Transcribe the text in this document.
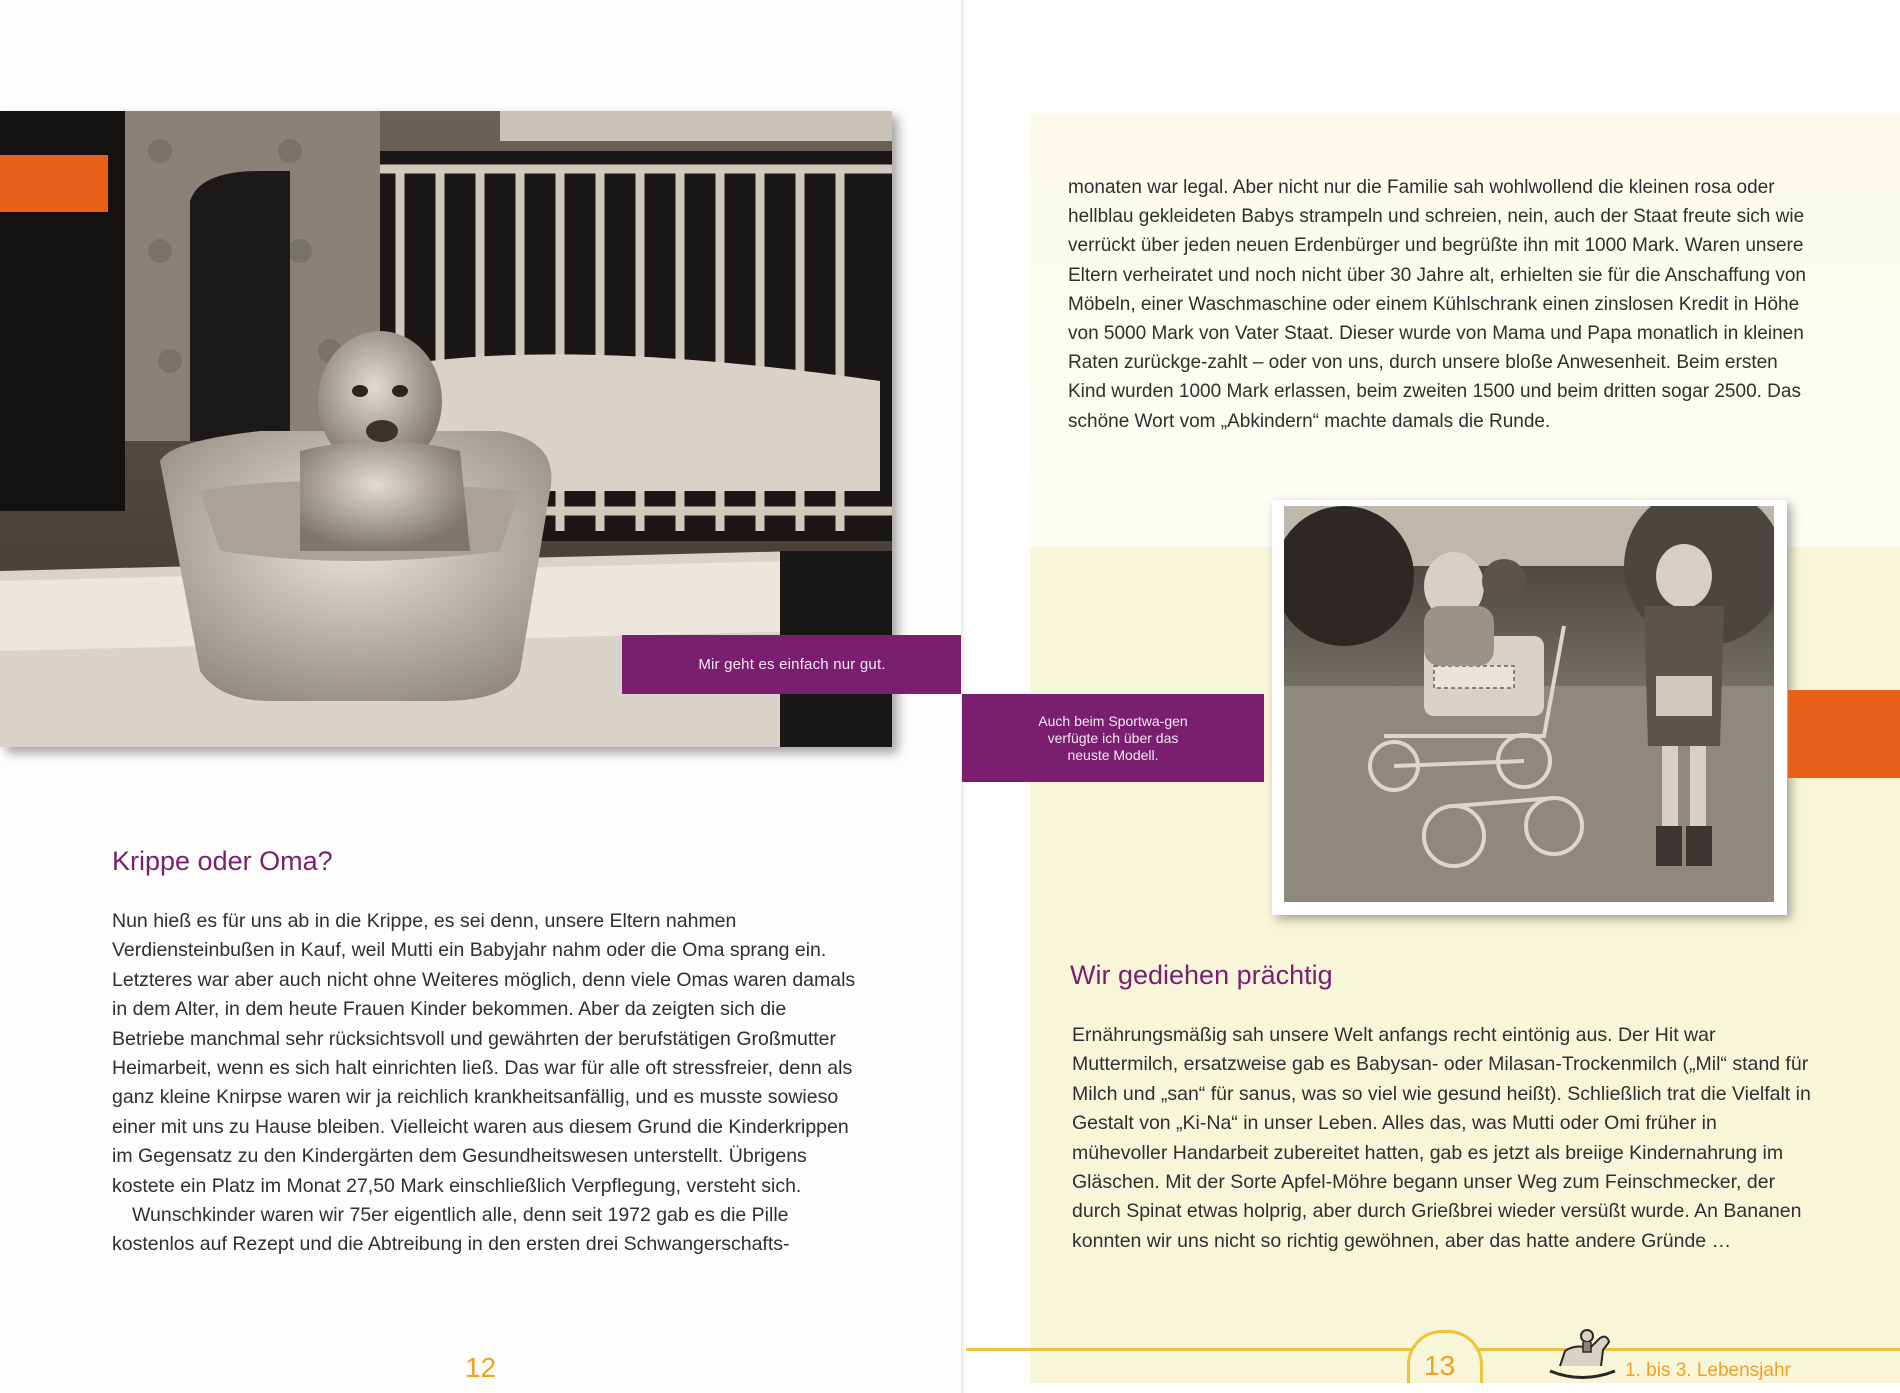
Mir geht es einfach nur gut.
Krippe oder Oma?

Nun hieß es für uns ab in die Krippe, es sei denn, unsere Eltern nahmen Verdiensteinbußen in Kauf, weil Mutti ein Babyjahr nahm oder die Oma sprang ein. Letzteres war aber auch nicht ohne Weiteres möglich, denn viele Omas waren damals in dem Alter, in dem heute Frauen Kinder bekommen. Aber da zeigten sich die Betriebe manchmal sehr rücksichtsvoll und gewährten der berufstätigen Großmutter Heimarbeit, wenn es sich halt einrichten ließ. Das war für alle oft stressfreier, denn als ganz kleine Knirpse waren wir ja reichlich krankheitsanfällig, und es musste sowieso einer mit uns zu Hause bleiben. Vielleicht waren aus diesem Grund die Kinderkrippen im Gegensatz zu den Kindergärten dem Gesundheitswesen unterstellt. Übrigens kostete ein Platz im Monat 27,50 Mark einschließlich Verpflegung, versteht sich.

Wunschkinder waren wir 75er eigentlich alle, denn seit 1972 gab es die Pille kostenlos auf Rezept und die Abtreibung in den ersten drei Schwangerschafts-

12

monaten war legal. Aber nicht nur die Familie sah wohlwollend die kleinen rosa oder hellblau gekleideten Babys strampeln und schreien, nein, auch der Staat freute sich wie verrückt über jeden neuen Erdenbürger und begrüßte ihn mit 1000 Mark. Waren unsere Eltern verheiratet und noch nicht über 30 Jahre alt, erhielten sie für die Anschaffung von Möbeln, einer Waschmaschine oder einem Kühlschrank einen zinslosen Kredit in Höhe von 5000 Mark von Vater Staat. Dieser wurde von Mama und Papa monatlich in kleinen Raten zurückge-zahlt – oder von uns, durch unsere bloße Anwesenheit. Beim ersten Kind wurden 1000 Mark erlassen, beim zweiten 1500 und beim dritten sogar 2500. Das schöne Wort vom „Abkindern“ machte damals die Runde.

Auch beim Sportwa-gen verfügte ich über das neuste Modell.
Wir gediehen prächtig

Ernährungsmäßig sah unsere Welt anfangs recht eintönig aus. Der Hit war Muttermilch, ersatzweise gab es Babysan- oder Milasan-Trockenmilch („Mil“ stand für Milch und „san“ für sanus, was so viel wie gesund heißt). Schließlich trat die Vielfalt in Gestalt von „Ki-Na“ in unser Leben. Alles das, was Mutti oder Omi früher in mühevoller Handarbeit zubereitet hatten, gab es jetzt als breiige Kindernahrung im Gläschen. Mit der Sorte Apfel-Möhre begann unser Weg zum Feinschmecker, der durch Spinat etwas holprig, aber durch Grießbrei wieder versüßt wurde. An Bananen konnten wir uns nicht so richtig gewöhnen, aber das hatte andere Gründe …

13	1. bis 3. Lebensjahr
